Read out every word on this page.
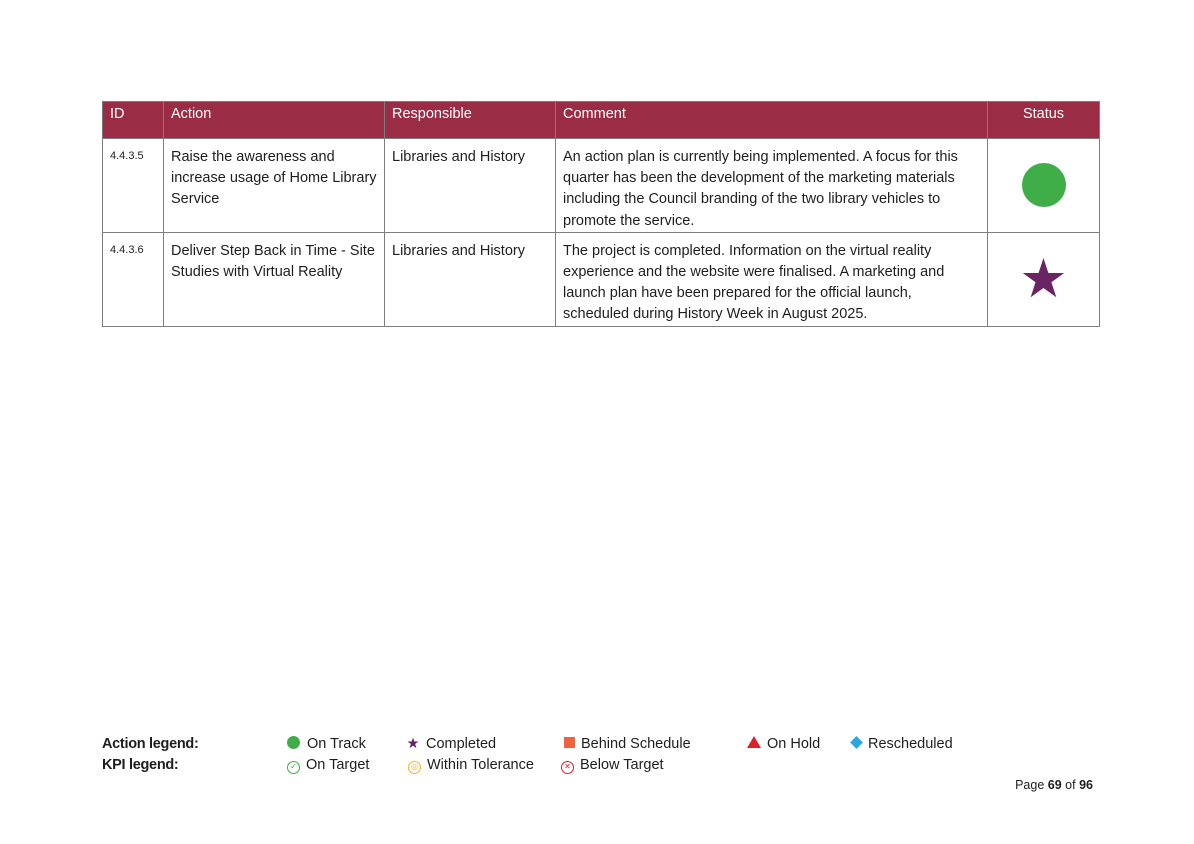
ID	Action	Responsible	Comment	Status
4.4.3.5	Raise the awareness and increase usage of Home Library Service	Libraries and History	An action plan is currently being implemented. A focus for this quarter has been the development of the marketing materials including the Council branding of the two library vehicles to promote the service.	
4.4.3.6	Deliver Step Back in Time - Site Studies with Virtual Reality	Libraries and History	The project is completed. Information on the virtual reality experience and the website were finalised. A marketing and launch plan have been prepared for the official launch, scheduled during History Week in August 2025.	★
Action legend:	On Track	★ Completed	Behind Schedule	On Hold	Rescheduled
KPI legend:	✓ On Target	◎ Within Tolerance	✕ Below Target
Page 69 of 96
